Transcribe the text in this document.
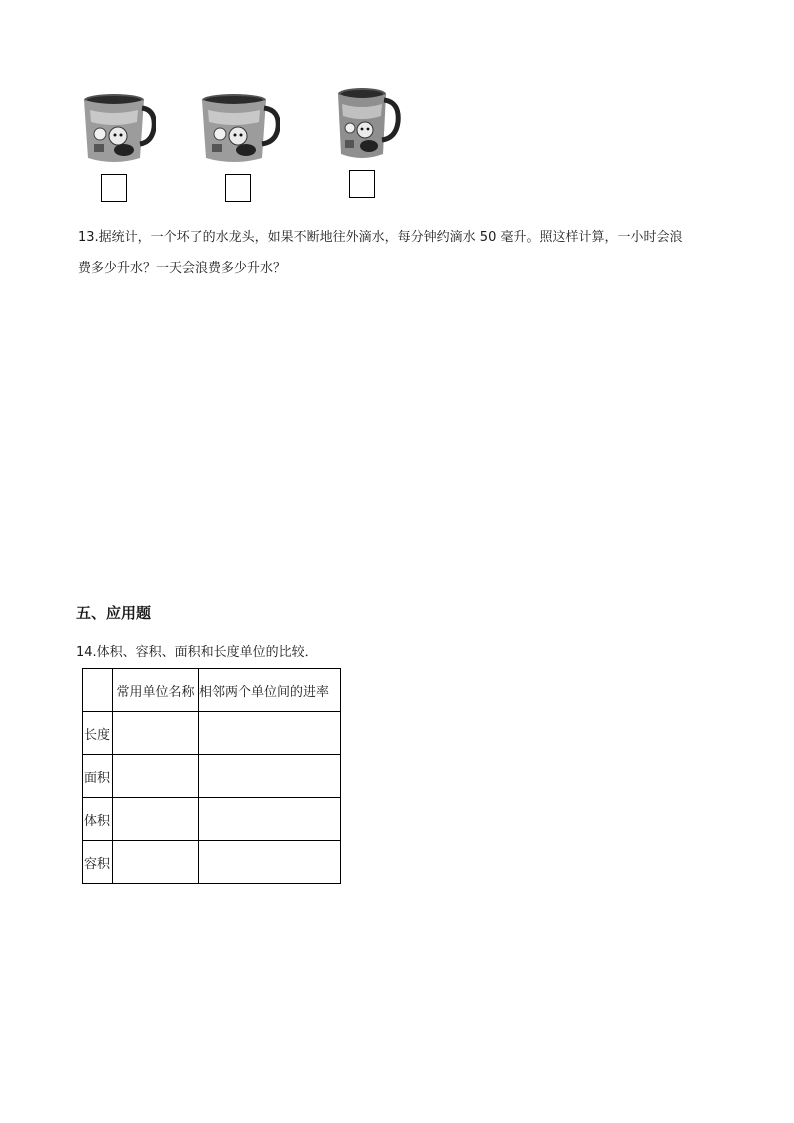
13.据统计，一个坏了的水龙头，如果不断地往外滴水，每分钟约滴水 50 毫升。照这样计算，一小时会浪
费多少升水？一天会浪费多少升水？
五、应用题
14.体积、容积、面积和长度单位的比较．
	常用单位名称	相邻两个单位间的进率
长度		
面积		
体积		
容积		
